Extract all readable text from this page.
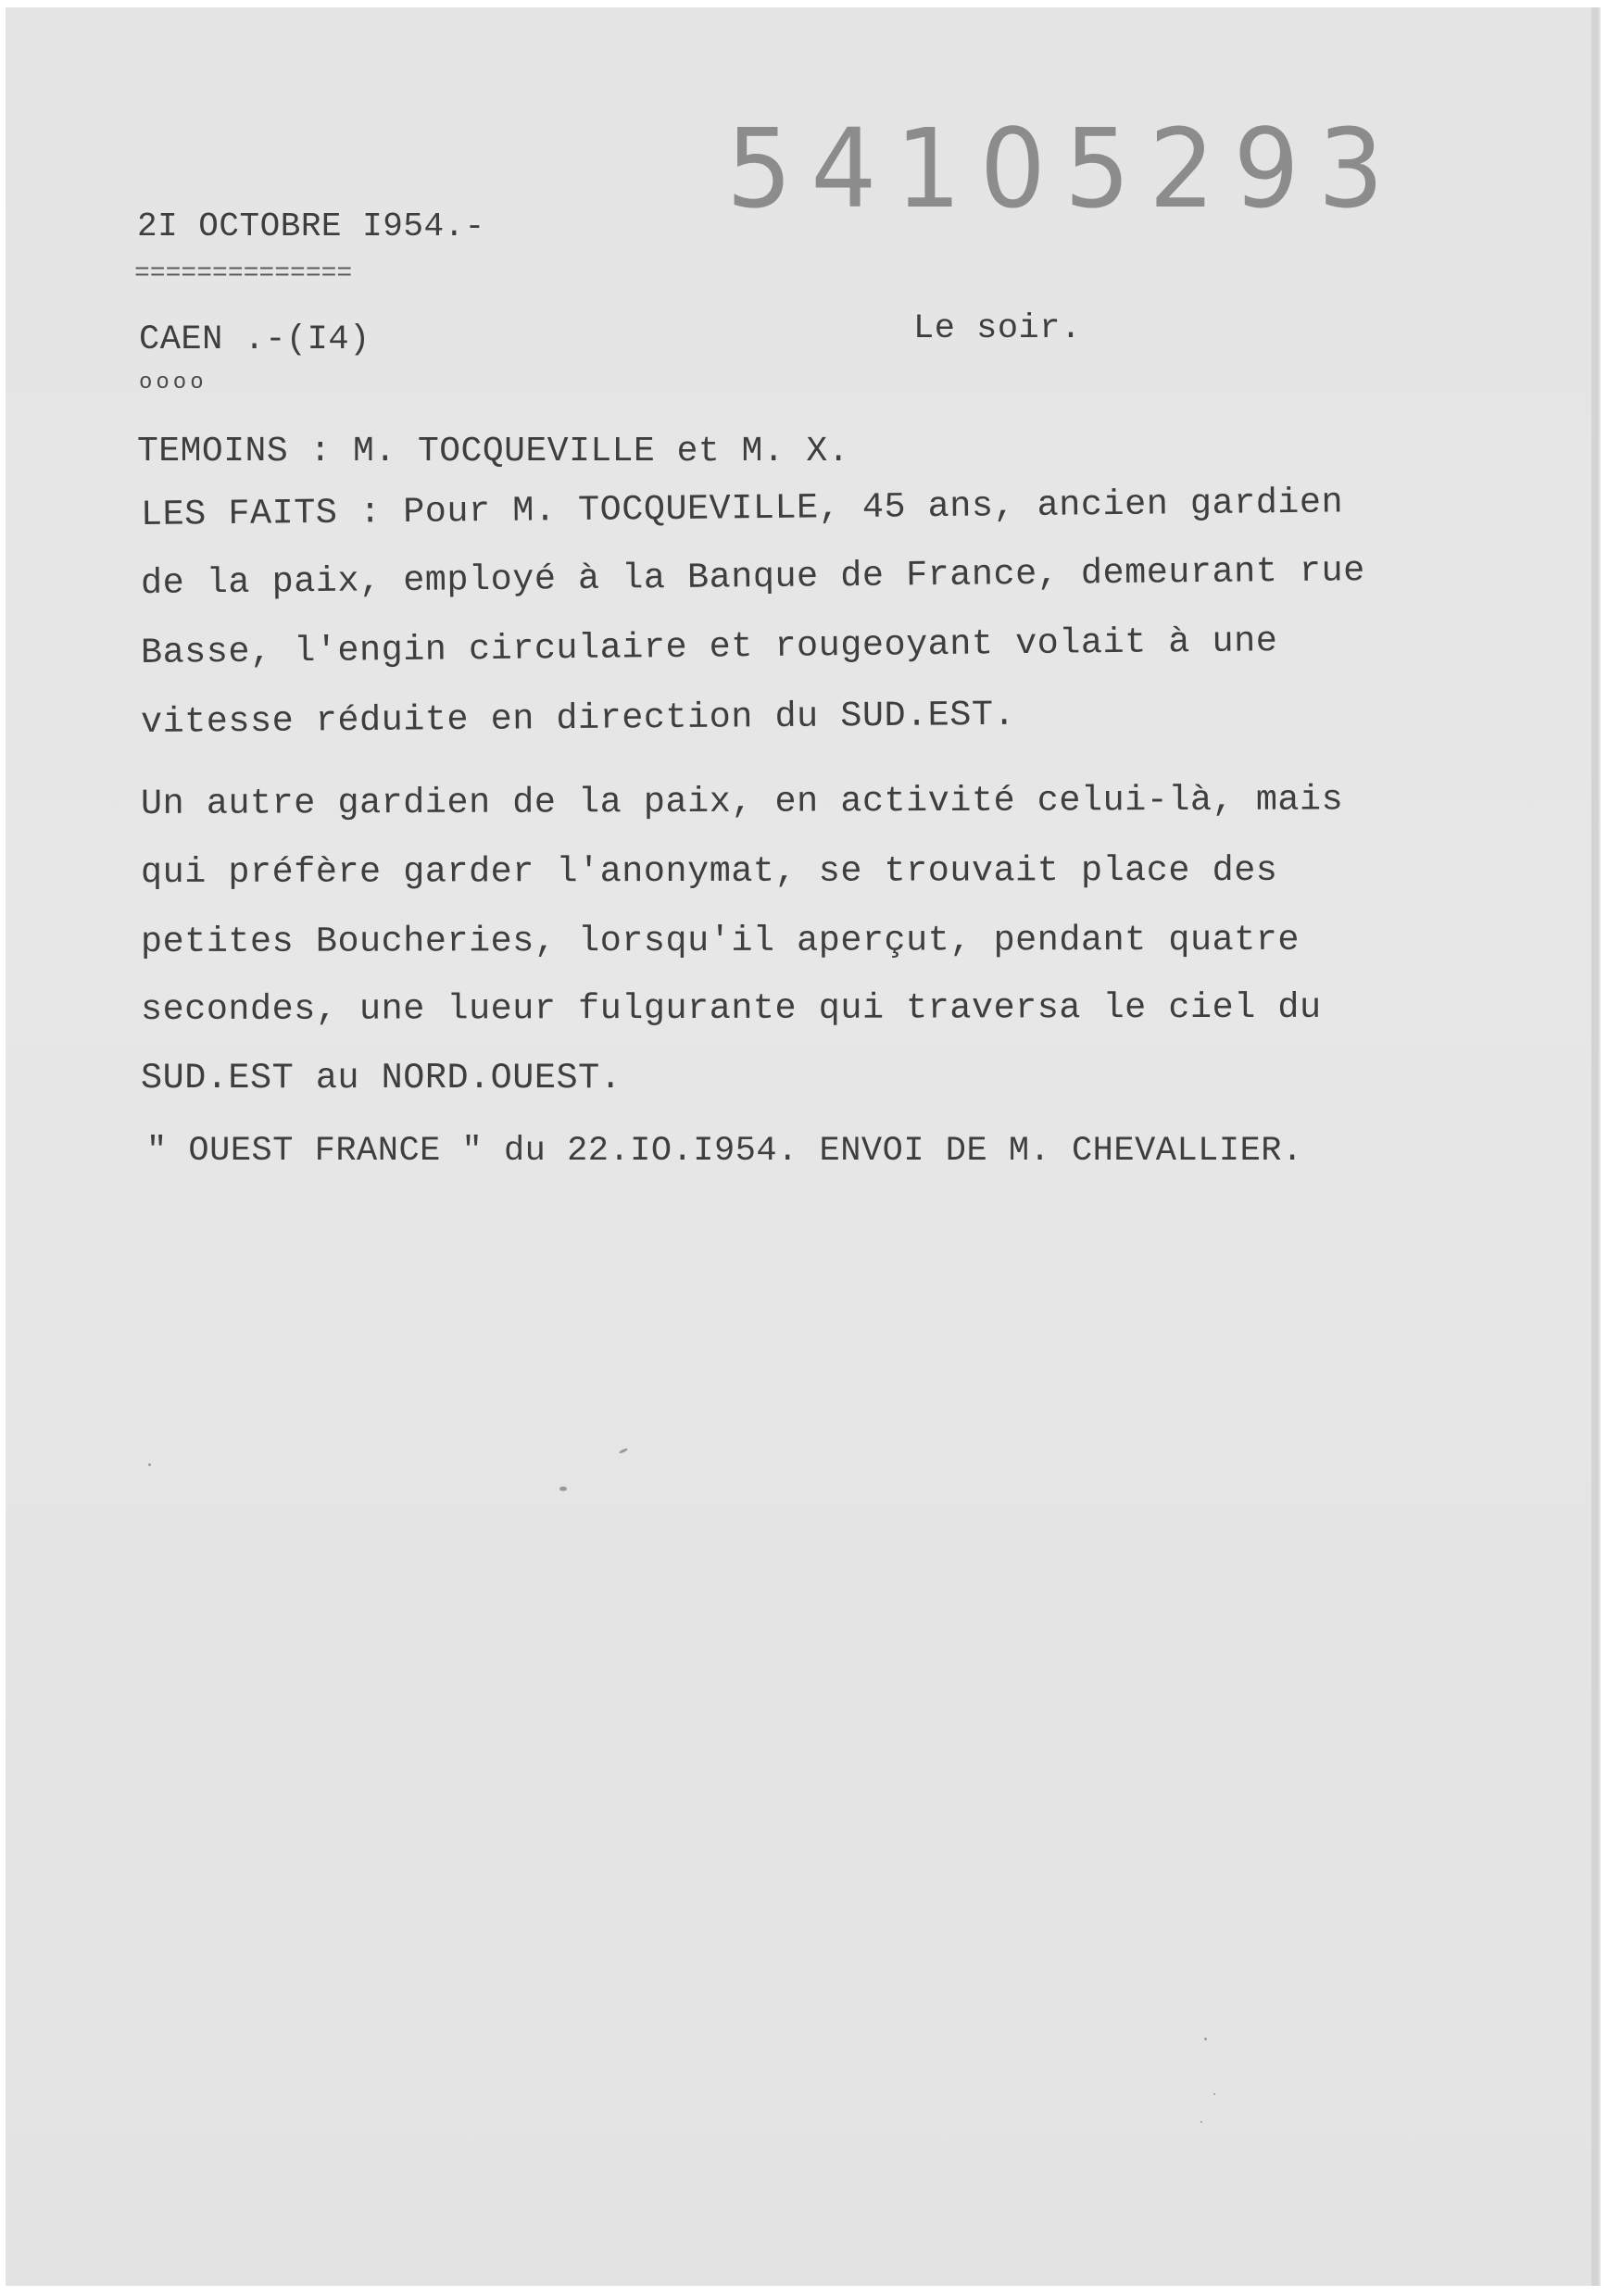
54105293
2I OCTOBRE I954.-
==============
CAEN .-(I4)
oooo
Le soir.
TEMOINS : M. TOCQUEVILLE et M. X.
LES FAITS : Pour M. TOCQUEVILLE, 45 ans, ancien gardien
de la paix, employé à la Banque de France, demeurant rue
Basse, l'engin circulaire et rougeoyant volait à une
vitesse réduite en direction du SUD.EST.
Un autre gardien de la paix, en activité celui-là, mais
qui préfère garder l'anonymat, se trouvait place des
petites Boucheries, lorsqu'il aperçut, pendant quatre
secondes, une lueur fulgurante qui traversa le ciel du
SUD.EST au NORD.OUEST.
" OUEST FRANCE " du 22.IO.I954. ENVOI DE M. CHEVALLIER.
